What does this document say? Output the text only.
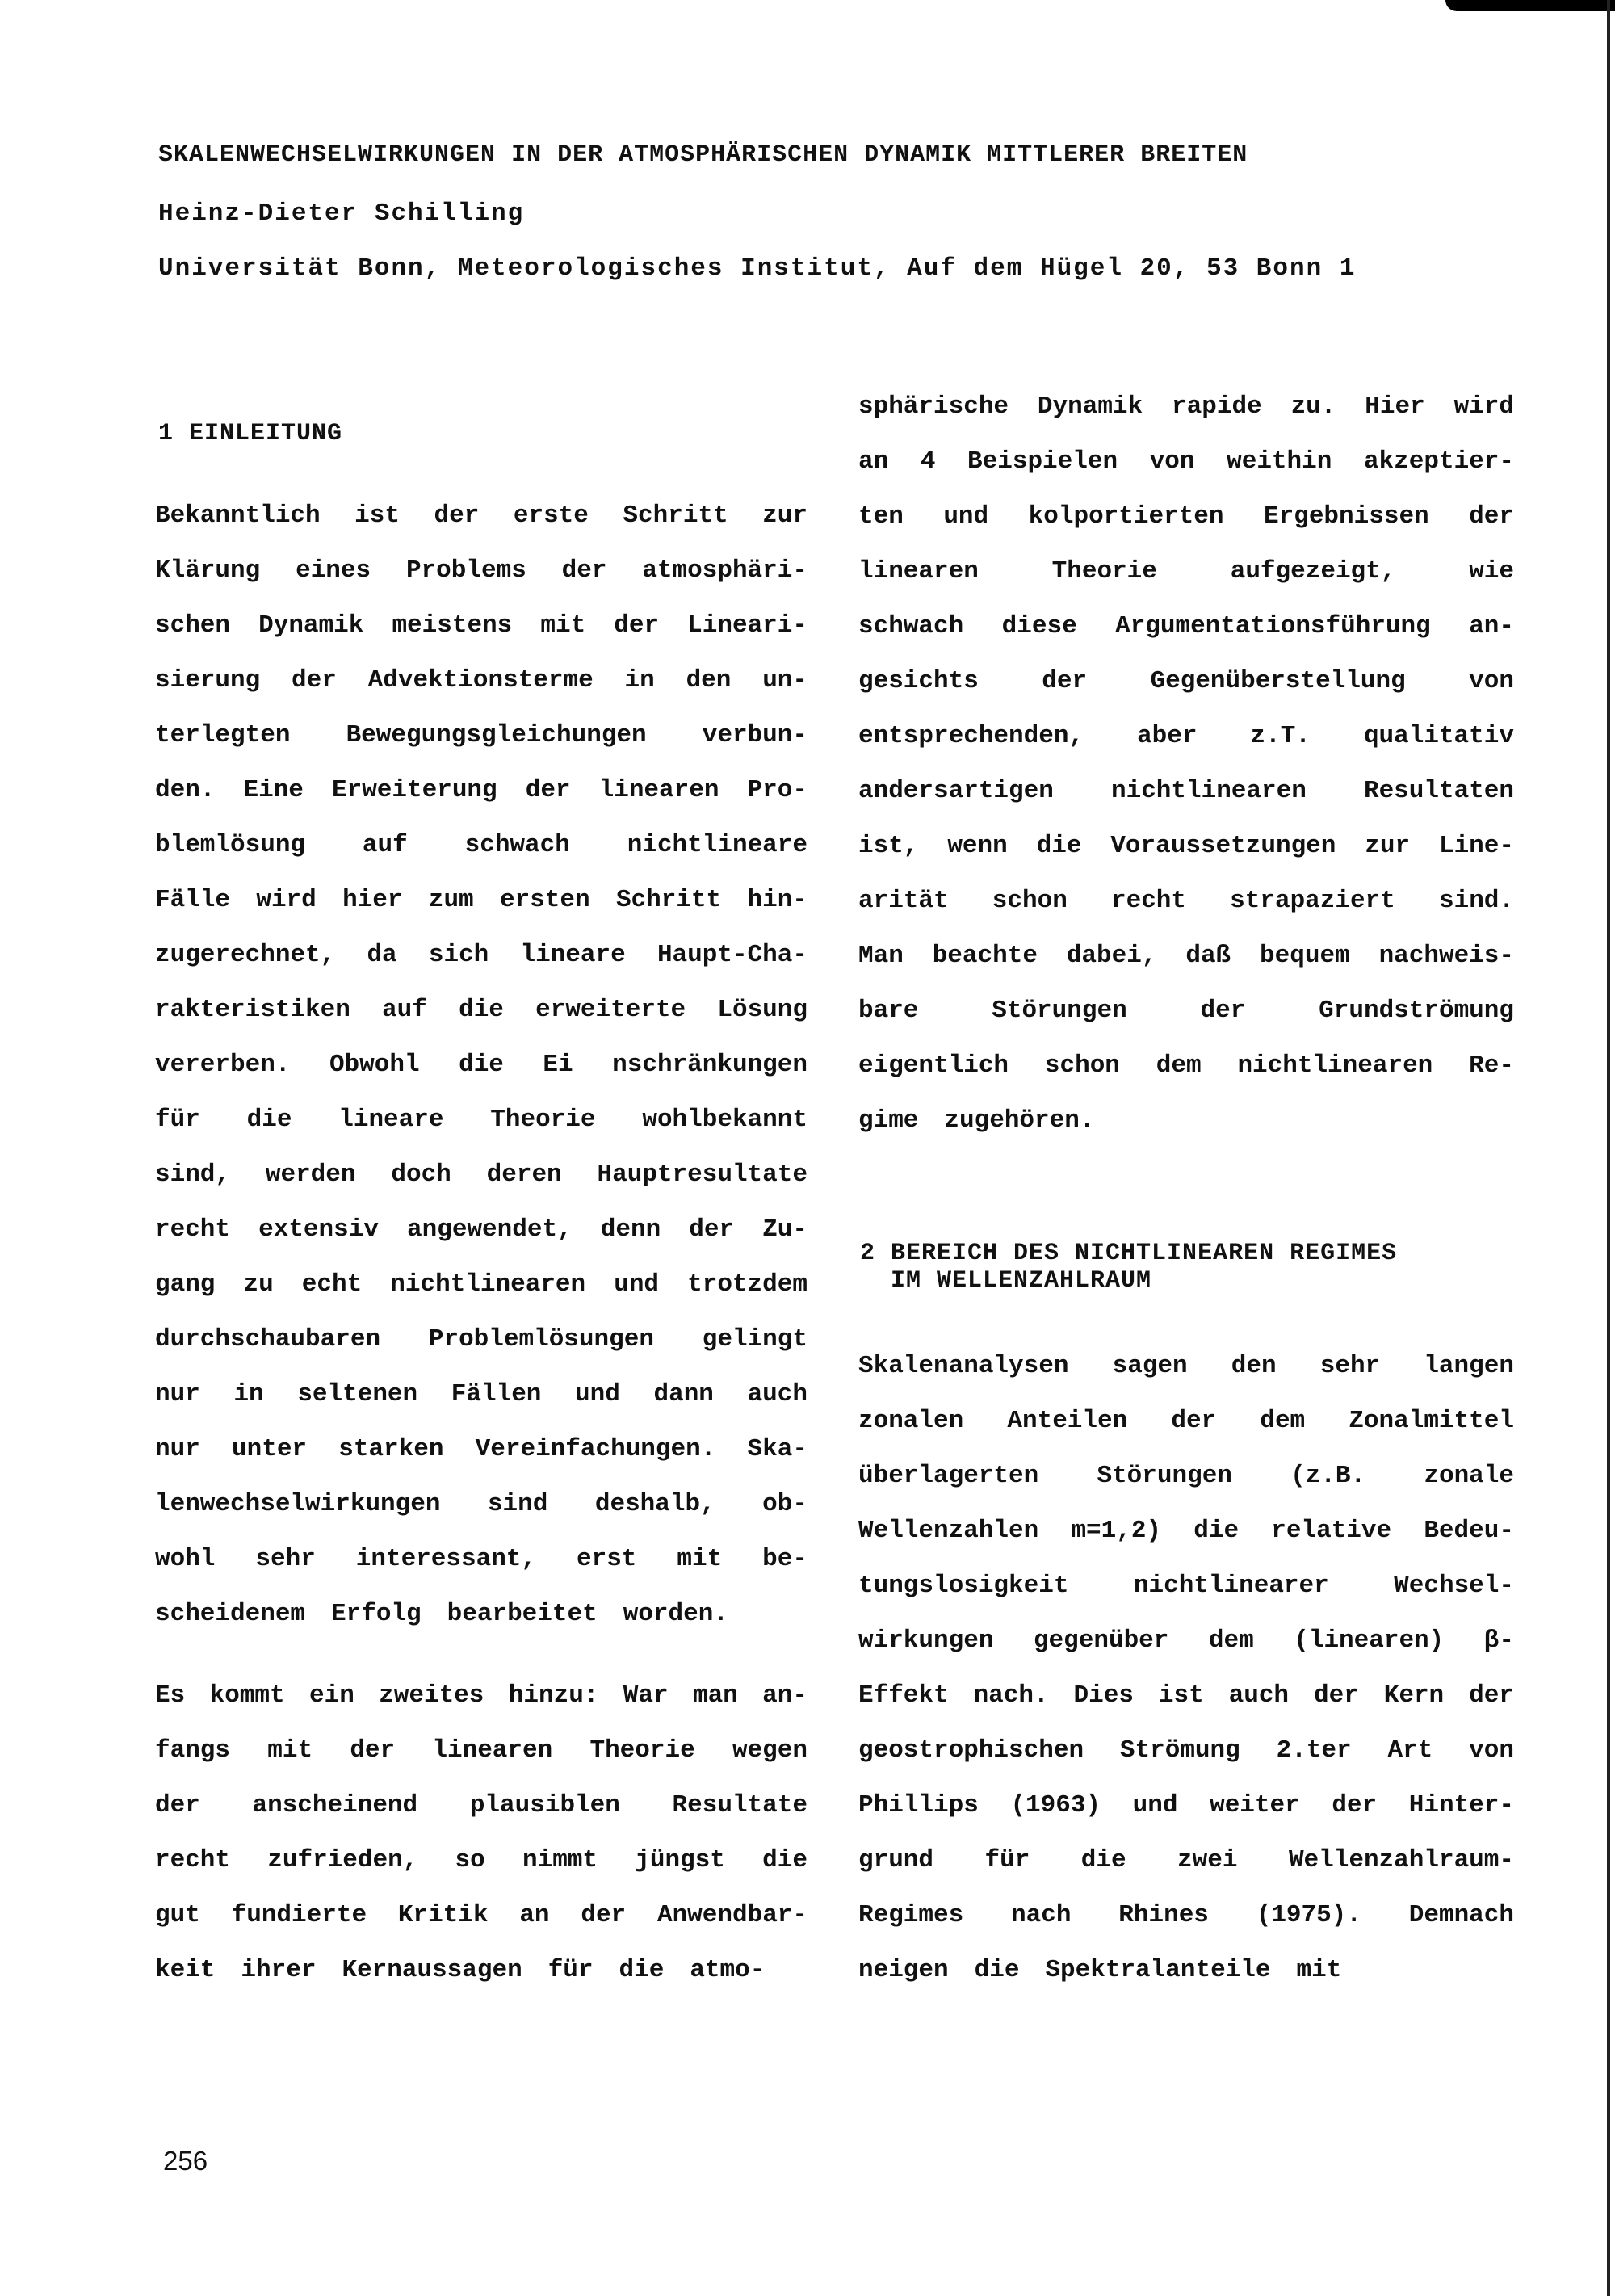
SKALENWECHSELWIRKUNGEN IN DER ATMOSPHÄRISCHEN DYNAMIK MITTLERER BREITEN
Heinz-Dieter Schilling
Universität Bonn, Meteorologisches Institut, Auf dem Hügel 20, 53 Bonn 1
1 EINLEITUNG
2 BEREICH DES NICHTLINEAREN REGIMES
IM WELLENZAHLRAUM
Bekanntlich ist der erste Schritt zur
Klärung eines Problems der atmosphäri-
schen Dynamik meistens mit der Lineari-
sierung der Advektionsterme in den un-
terlegten Bewegungsgleichungen verbun-
den. Eine Erweiterung der linearen Pro-
blemlösung auf schwach nichtlineare
Fälle wird hier zum ersten Schritt hin-
zugerechnet, da sich lineare Haupt-Cha-
rakteristiken auf die erweiterte Lösung
vererben. Obwohl die Ei nschränkungen
für die lineare Theorie wohlbekannt
sind, werden doch deren Hauptresultate
recht extensiv angewendet, denn der Zu-
gang zu echt nichtlinearen und trotzdem
durchschaubaren Problemlösungen gelingt
nur in seltenen Fällen und dann auch
nur unter starken Vereinfachungen. Ska-
lenwechselwirkungen sind deshalb, ob-
wohl sehr interessant, erst mit be-
scheidenem Erfolg bearbeitet worden.
Es kommt ein zweites hinzu: War man an-
fangs mit der linearen Theorie wegen
der anscheinend plausiblen Resultate
recht zufrieden, so nimmt jüngst die
gut fundierte Kritik an der Anwendbar-
keit ihrer Kernaussagen für die atmo-
sphärische Dynamik rapide zu. Hier wird
an 4 Beispielen von weithin akzeptier-
ten und kolportierten Ergebnissen der
linearen	Theorie	aufgezeigt,	wie
schwach diese Argumentationsführung an-
gesichts	der	Gegenüberstellung	von
entsprechenden, aber z.T. qualitativ
andersartigen nichtlinearen Resultaten
ist, wenn die Voraussetzungen zur Line-
arität schon recht strapaziert sind.
Man beachte dabei, daß bequem nachweis-
bare	Störungen	der	Grundströmung
eigentlich schon dem nichtlinearen Re-
gime zugehören.
Skalenanalysen sagen den sehr langen
zonalen Anteilen der dem Zonalmittel
überlagerten Störungen (z.B. zonale
Wellenzahlen m=1,2) die relative Bedeu-
tungslosigkeit	nichtlinearer	Wechsel-
wirkungen gegenüber dem (linearen) β-
Effekt nach. Dies ist auch der Kern der
geostrophischen Strömung 2.ter Art von
Phillips (1963) und weiter der Hinter-
grund für die zwei Wellenzahlraum-
Regimes nach Rhines (1975). Demnach
neigen die Spektralanteile mit
256
